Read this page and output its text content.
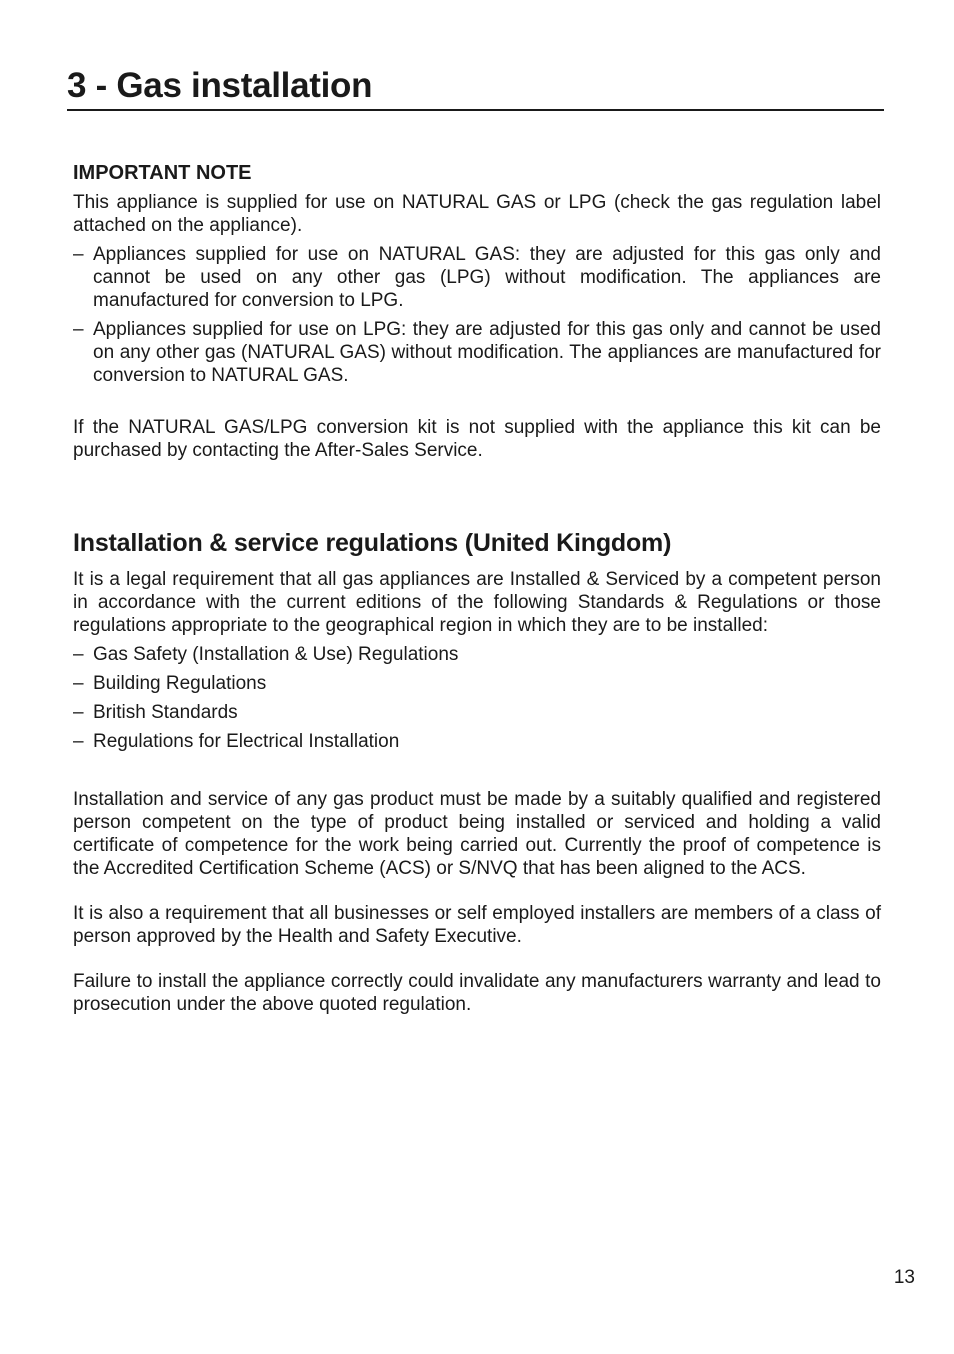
3 - Gas installation
IMPORTANT NOTE

This appliance is supplied for use on NATURAL GAS or LPG (check the gas regulation label attached on the appliance).

– Appliances supplied for use on NATURAL GAS: they are adjusted for this gas only and cannot be used on any other gas (LPG) without modification. The appliances are manufactured for conversion to LPG.
– Appliances supplied for use on LPG: they are adjusted for this gas only and cannot be used on any other gas (NATURAL GAS) without modification. The appliances are manufactured for conversion to NATURAL GAS.

If the NATURAL GAS/LPG conversion kit is not supplied with the appliance this kit can be purchased by contacting the After-Sales Service.

Installation & service regulations (United Kingdom)

It is a legal requirement that all gas appliances are Installed & Serviced by a competent person in accordance with the current editions of the following Standards & Regulations or those regulations appropriate to the geographical region in which they are to be installed:

– Gas Safety (Installation & Use) Regulations
– Building Regulations
– British Standards
– Regulations for Electrical Installation

Installation and service of any gas product must be made by a suitably qualified and registered person competent on the type of product being installed or serviced and holding a valid certificate of competence for the work being carried out. Currently the proof of competence is the Accredited Certification Scheme (ACS) or S/NVQ that has been aligned to the ACS.

It is also a requirement that all businesses or self employed installers are members of a class of person approved by the Health and Safety Executive.

Failure to install the appliance correctly could invalidate any manufacturers warranty and lead to prosecution under the above quoted regulation.

13
